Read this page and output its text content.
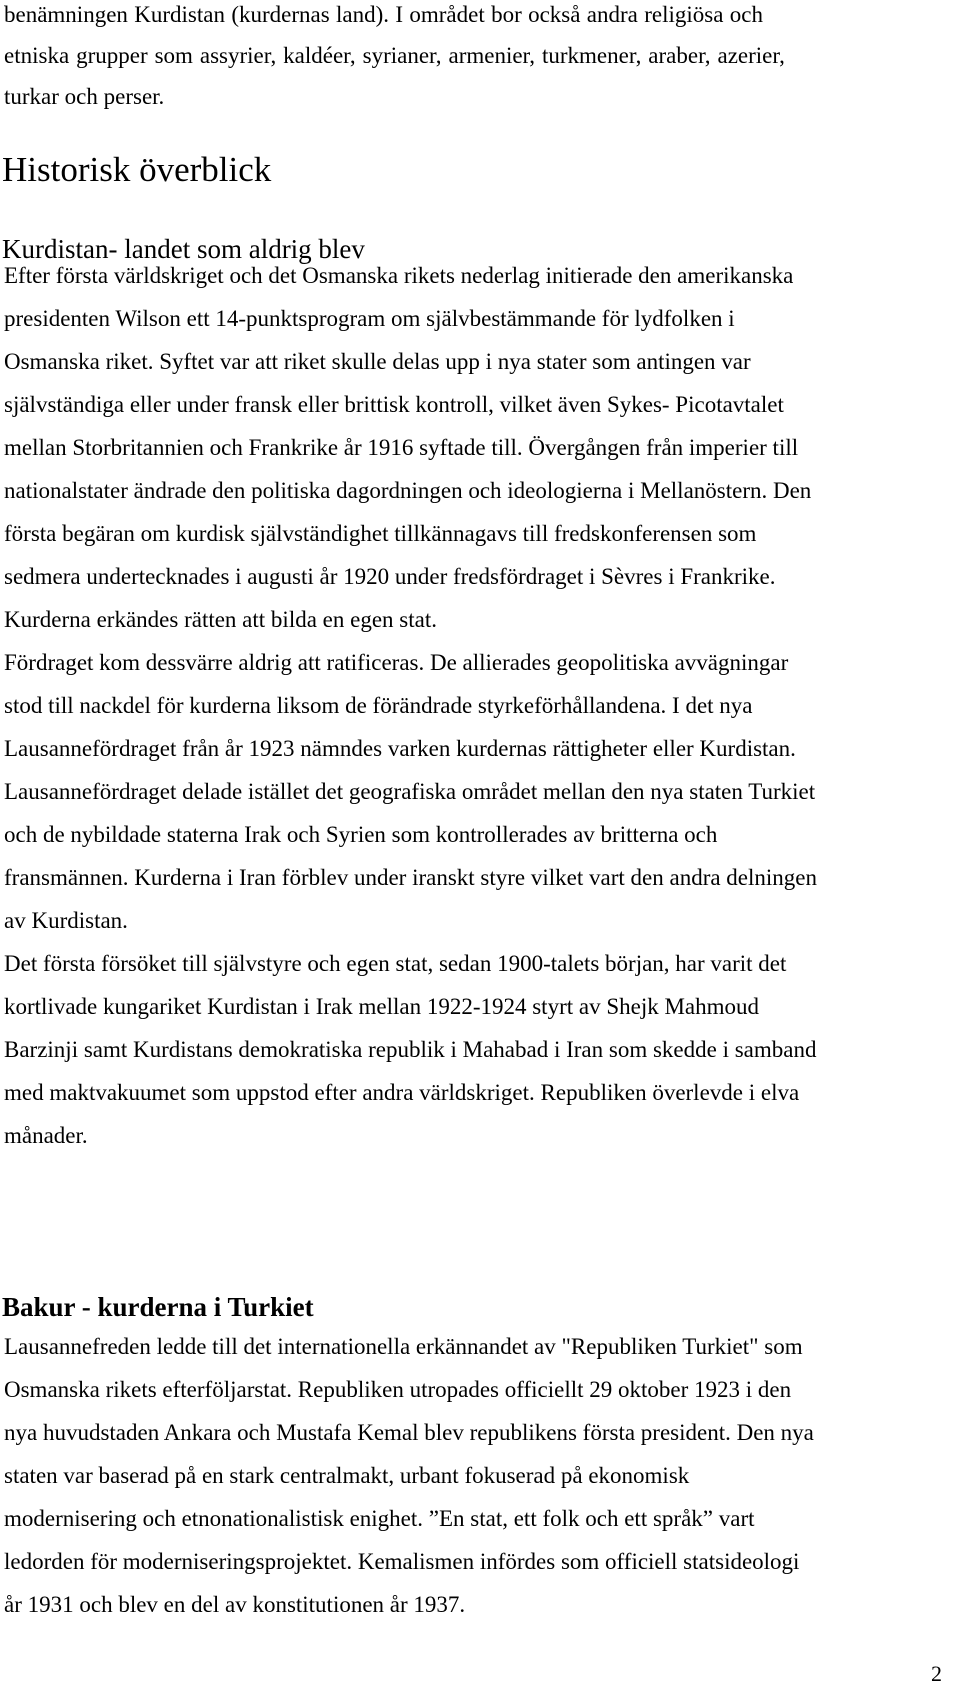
benämningen Kurdistan (kurdernas land). I området bor också andra religiösa och
etniska grupper som assyrier, kaldéer, syrianer, armenier, turkmener, araber, azerier,
turkar och perser.
Historisk överblick
Kurdistan- landet som aldrig blev
Efter första världskriget och det Osmanska rikets nederlag initierade den amerikanska
presidenten Wilson ett 14-punktsprogram om självbestämmande för lydfolken i
Osmanska riket. Syftet var att riket skulle delas upp i nya stater som antingen var
självständiga eller under fransk eller brittisk kontroll, vilket även Sykes- Picotavtalet
mellan Storbritannien och Frankrike år 1916 syftade till. Övergången från imperier till
nationalstater ändrade den politiska dagordningen och ideologierna i Mellanöstern. Den
första begäran om kurdisk självständighet tillkännagavs till fredskonferensen som
sedmera undertecknades i augusti år 1920 under fredsfördraget i Sèvres i Frankrike.
Kurderna erkändes rätten att bilda en egen stat.
Fördraget kom dessvärre aldrig att ratificeras. De allierades geopolitiska avvägningar
stod till nackdel för kurderna liksom de förändrade styrkeförhållandena. I det nya
Lausannefördraget från år 1923 nämndes varken kurdernas rättigheter eller Kurdistan.
Lausannefördraget delade istället det geografiska området mellan den nya staten Turkiet
och de nybildade staterna Irak och Syrien som kontrollerades av britterna och
fransmännen. Kurderna i Iran förblev under iranskt styre vilket vart den andra delningen
av Kurdistan.
Det första försöket till självstyre och egen stat, sedan 1900-talets början, har varit det
kortlivade kungariket Kurdistan i Irak mellan 1922-1924 styrt av Shejk Mahmoud
Barzinji samt Kurdistans demokratiska republik i Mahabad i Iran som skedde i samband
med maktvakuumet som uppstod efter andra världskriget. Republiken överlevde i elva
månader.
Bakur - kurderna i Turkiet
Lausannefreden ledde till det internationella erkännandet av "Republiken Turkiet" som
Osmanska rikets efterföljarstat. Republiken utropades officiellt 29 oktober 1923 i den
nya huvudstaden Ankara och Mustafa Kemal blev republikens första president. Den nya
staten var baserad på en stark centralmakt, urbant fokuserad på ekonomisk
modernisering och etnonationalistisk enighet. ”En stat, ett folk och ett språk” vart
ledorden för moderniseringsprojektet. Kemalismen infördes som officiell statsideologi
år 1931 och blev en del av konstitutionen år 1937.
2
